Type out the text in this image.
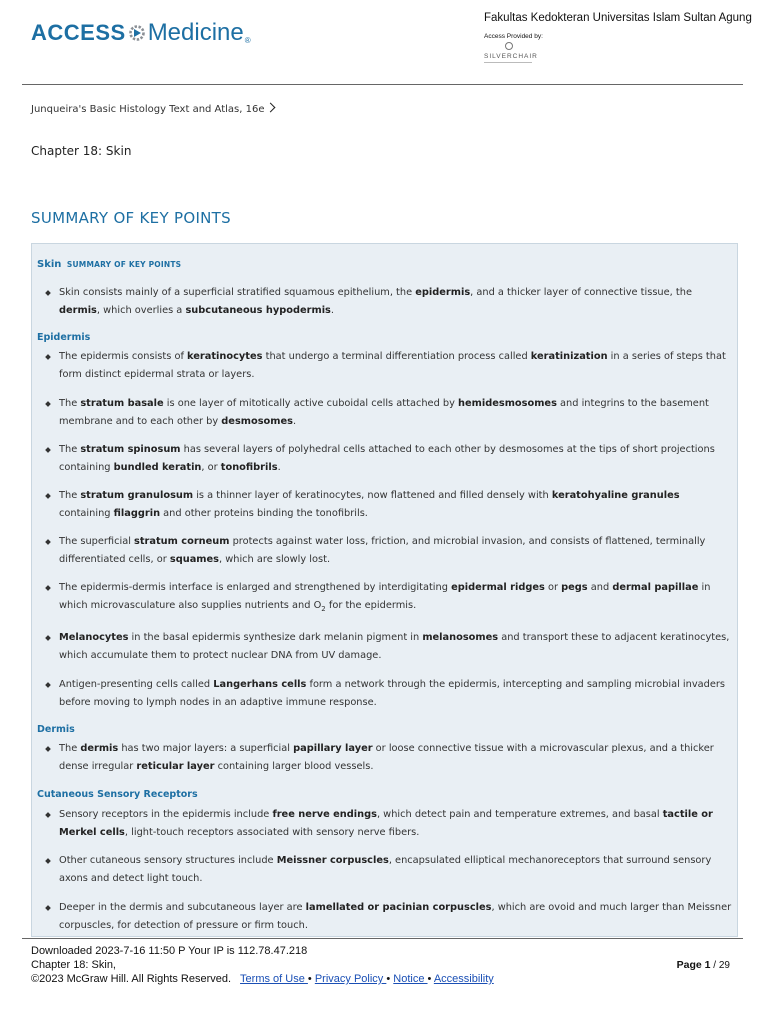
ACCESS Medicine ®
Fakultas Kedokteran Universitas Islam Sultan Agung
Access Provided by:
SILVERCHAIR
Junqueira's Basic Histology Text and Atlas, 16e
Chapter 18: Skin
SUMMARY OF KEY POINTS
Skin SUMMARY OF KEY POINTS
Skin consists mainly of a superficial stratified squamous epithelium, the epidermis, and a thicker layer of connective tissue, the dermis, which overlies a subcutaneous hypodermis.
Epidermis
The epidermis consists of keratinocytes that undergo a terminal differentiation process called keratinization in a series of steps that form distinct epidermal strata or layers.
The stratum basale is one layer of mitotically active cuboidal cells attached by hemidesmosomes and integrins to the basement membrane and to each other by desmosomes.
The stratum spinosum has several layers of polyhedral cells attached to each other by desmosomes at the tips of short projections containing bundled keratin, or tonofibrils.
The stratum granulosum is a thinner layer of keratinocytes, now flattened and filled densely with keratohyaline granules containing filaggrin and other proteins binding the tonofibrils.
The superficial stratum corneum protects against water loss, friction, and microbial invasion, and consists of flattened, terminally differentiated cells, or squames, which are slowly lost.
The epidermis-dermis interface is enlarged and strengthened by interdigitating epidermal ridges or pegs and dermal papillae in which microvasculature also supplies nutrients and $O_2$ for the epidermis.
Melanocytes in the basal epidermis synthesize dark melanin pigment in melanosomes and transport these to adjacent keratinocytes, which accumulate them to protect nuclear DNA from UV damage.
Antigen-presenting cells called Langerhans cells form a network through the epidermis, intercepting and sampling microbial invaders before moving to lymph nodes in an adaptive immune response.
Dermis
The dermis has two major layers: a superficial papillary layer or loose connective tissue with a microvascular plexus, and a thicker dense irregular reticular layer containing larger blood vessels.
Cutaneous Sensory Receptors
Sensory receptors in the epidermis include free nerve endings, which detect pain and temperature extremes, and basal tactile or Merkel cells, light-touch receptors associated with sensory nerve fibers.
Other cutaneous sensory structures include Meissner corpuscles, encapsulated elliptical mechanoreceptors that surround sensory axons and detect light touch.
Deeper in the dermis and subcutaneous layer are lamellated or pacinian corpuscles, which are ovoid and much larger than Meissner corpuscles, for detection of pressure or firm touch.
Downloaded 2023-7-16 11:50 P Your IP is 112.78.47.218
Chapter 18: Skin,
©2023 McGraw Hill. All Rights Reserved. Terms of Use • Privacy Policy • Notice • Accessibility
Page 1 / 29
